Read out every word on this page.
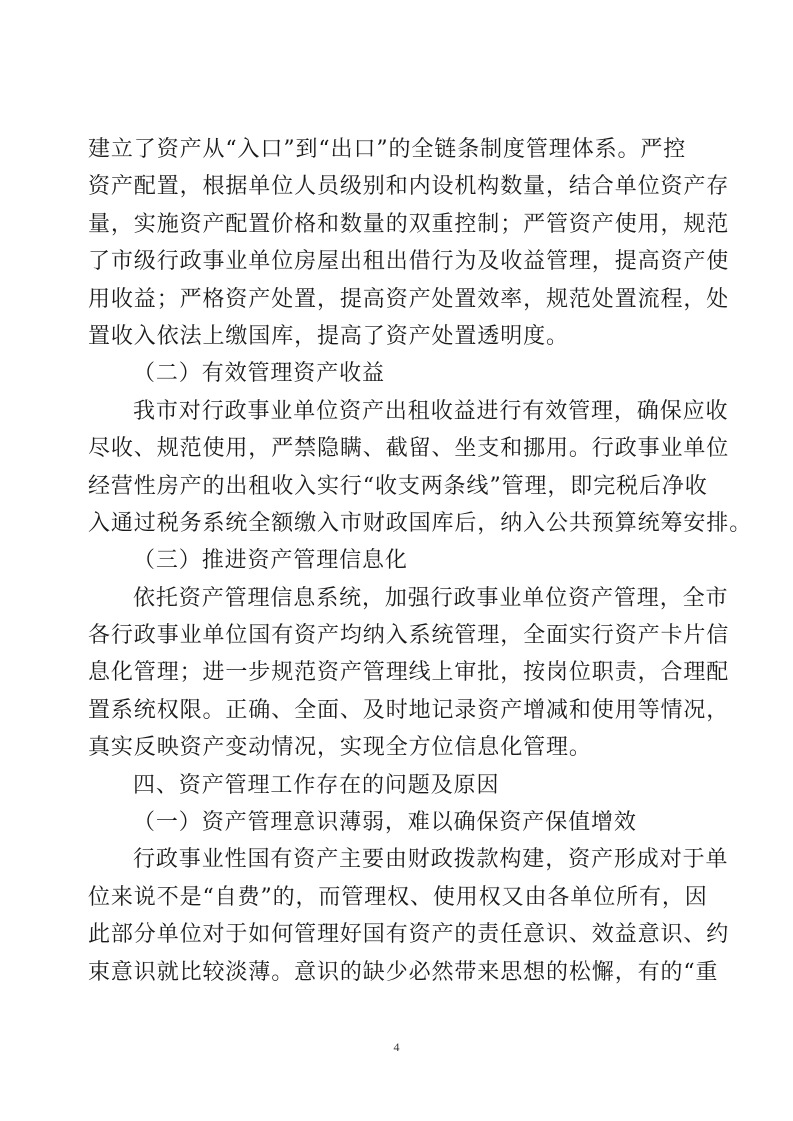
建立了资产从“入口”到“出口”的全链条制度管理体系。严控
资产配置，根据单位人员级别和内设机构数量，结合单位资产存
量，实施资产配置价格和数量的双重控制；严管资产使用，规范
了市级行政事业单位房屋出租出借行为及收益管理，提高资产使
用收益；严格资产处置，提高资产处置效率，规范处置流程，处
置收入依法上缴国库，提高了资产处置透明度。
（二）有效管理资产收益
我市对行政事业单位资产出租收益进行有效管理，确保应收
尽收、规范使用，严禁隐瞒、截留、坐支和挪用。行政事业单位
经营性房产的出租收入实行“收支两条线”管理，即完税后净收
入通过税务系统全额缴入市财政国库后，纳入公共预算统筹安排。
（三）推进资产管理信息化
依托资产管理信息系统，加强行政事业单位资产管理，全市
各行政事业单位国有资产均纳入系统管理，全面实行资产卡片信
息化管理；进一步规范资产管理线上审批，按岗位职责，合理配
置系统权限。正确、全面、及时地记录资产增减和使用等情况，
真实反映资产变动情况，实现全方位信息化管理。
四、资产管理工作存在的问题及原因
（一）资产管理意识薄弱，难以确保资产保值增效
行政事业性国有资产主要由财政拨款构建，资产形成对于单
位来说不是“自费”的，而管理权、使用权又由各单位所有，因
此部分单位对于如何管理好国有资产的责任意识、效益意识、约
束意识就比较淡薄。意识的缺少必然带来思想的松懈，有的“重
4
